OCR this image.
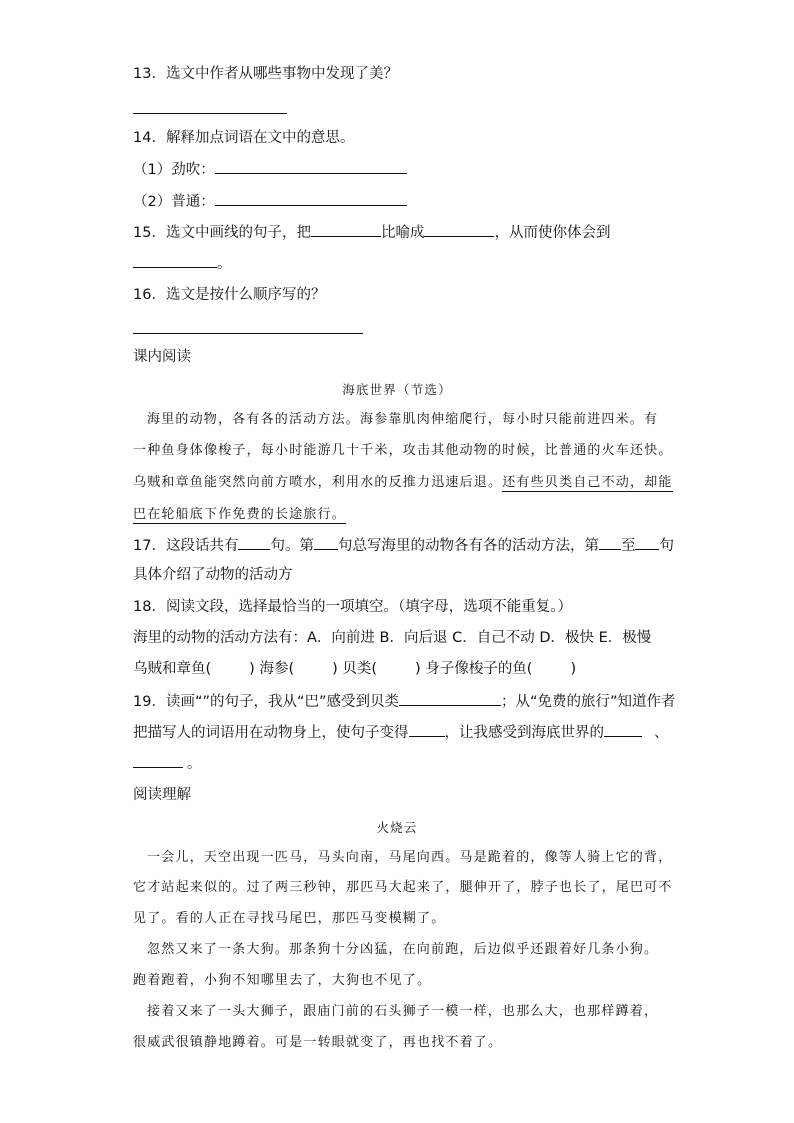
13．选文中作者从哪些事物中发现了美？
14．解释加点词语在文中的意思。
（1）劲吹：
（2）普通：
15．选文中画线的句子，把	比喻成	，从而使你体会到
。
16．选文是按什么顺序写的？
课内阅读
海底世界（节选）
海里的动物，各有各的活动方法。海参靠肌肉伸缩爬行，每小时只能前进四米。有
一种鱼身体像梭子，每小时能游几十千米，攻击其他动物的时候，比普通的火车还快。
乌贼和章鱼能突然向前方喷水，利用水的反推力迅速后退。还有些贝类自己不动，却能
巴在轮船底下作免费的长途旅行。
17．这段话共有 句。第 句总写海里的动物各有各的活动方法，第 至 句
具体介绍了动物的活动方
18．阅读文段，选择最恰当的一项填空。（填字母，选项不能重复。）
海里的动物的活动方法有：A．向前进 B．向后退 C．自己不动 D．极快 E．极慢
乌贼和章鱼(	) 海参(	) 贝类(	) 身子像梭子的鱼(	)
19．读画“”的句子，我从“巴”感受到贝类	；从“免费的旅行”知道作者
把描写人的词语用在动物身上，使句子变得 ，让我感受到海底世界的	、
。
阅读理解
火烧云
一会儿，天空出现一匹马，马头向南，马尾向西。马是跪着的，像等人骑上它的背，
它才站起来似的。过了两三秒钟，那匹马大起来了，腿伸开了，脖子也长了，尾巴可不
见了。看的人正在寻找马尾巴，那匹马变模糊了。
忽然又来了一条大狗。那条狗十分凶猛，在向前跑，后边似乎还跟着好几条小狗。
跑着跑着，小狗不知哪里去了，大狗也不见了。
接着又来了一头大狮子，跟庙门前的石头狮子一模一样，也那么大，也那样蹲着，
很威武很镇静地蹲着。可是一转眼就变了，再也找不着了。
